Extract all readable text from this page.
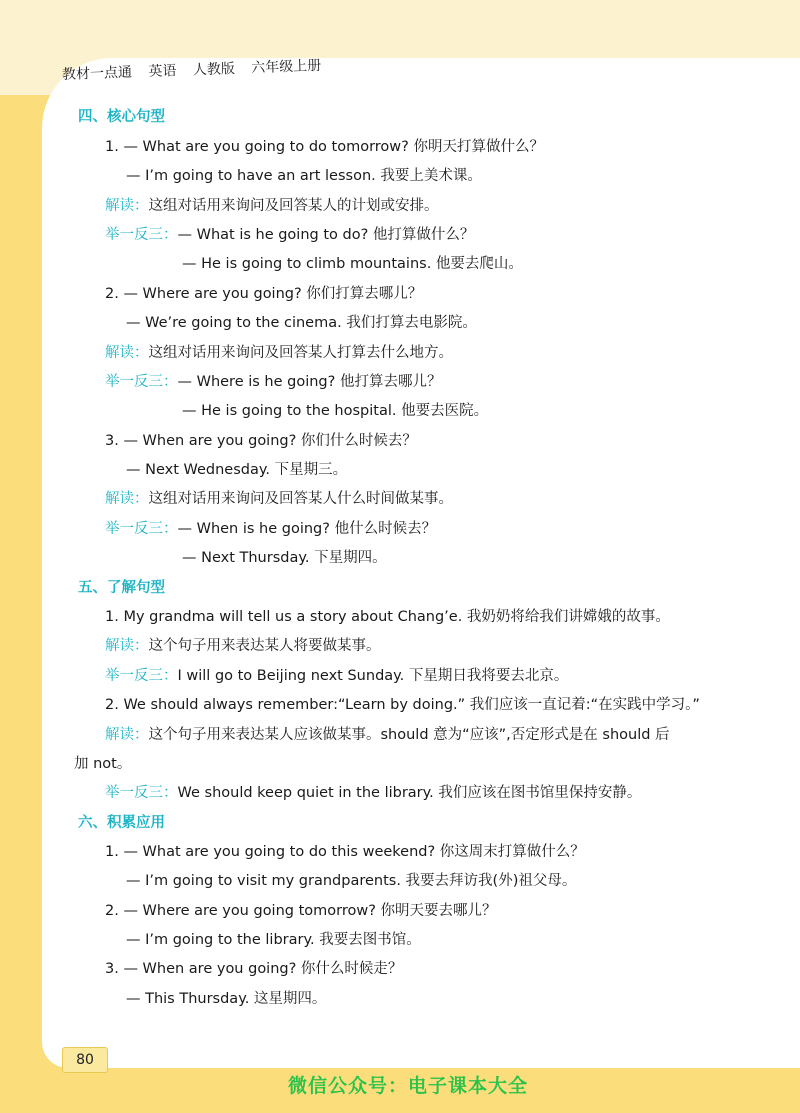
教材一点通 英语 人教版 六年级上册
四、核心句型
1. — What are you going to do tomorrow? 你明天打算做什么？
— I’m going to have an art lesson. 我要上美术课。
解读：这组对话用来询问及回答某人的计划或安排。
举一反三：— What is he going to do? 他打算做什么？
— He is going to climb mountains. 他要去爬山。
2. — Where are you going? 你们打算去哪儿？
— We’re going to the cinema. 我们打算去电影院。
解读：这组对话用来询问及回答某人打算去什么地方。
举一反三：— Where is he going? 他打算去哪儿？
— He is going to the hospital. 他要去医院。
3. — When are you going? 你们什么时候去？
— Next Wednesday. 下星期三。
解读：这组对话用来询问及回答某人什么时间做某事。
举一反三：— When is he going? 他什么时候去？
— Next Thursday. 下星期四。
五、了解句型
1. My grandma will tell us a story about Chang’e. 我奶奶将给我们讲嫦娥的故事。
解读：这个句子用来表达某人将要做某事。
举一反三：I will go to Beijing next Sunday. 下星期日我将要去北京。
2. We should always remember:“Learn by doing.” 我们应该一直记着:“在实践中学习。”
解读：这个句子用来表达某人应该做某事。should 意为“应该”,否定形式是在 should 后
加 not。
举一反三：We should keep quiet in the library. 我们应该在图书馆里保持安静。
六、积累应用
1. — What are you going to do this weekend? 你这周末打算做什么？
— I’m going to visit my grandparents. 我要去拜访我(外)祖父母。
2. — Where are you going tomorrow? 你明天要去哪儿？
— I’m going to the library. 我要去图书馆。
3. — When are you going? 你什么时候走？
— This Thursday. 这星期四。
80
微信公众号：电子课本大全
